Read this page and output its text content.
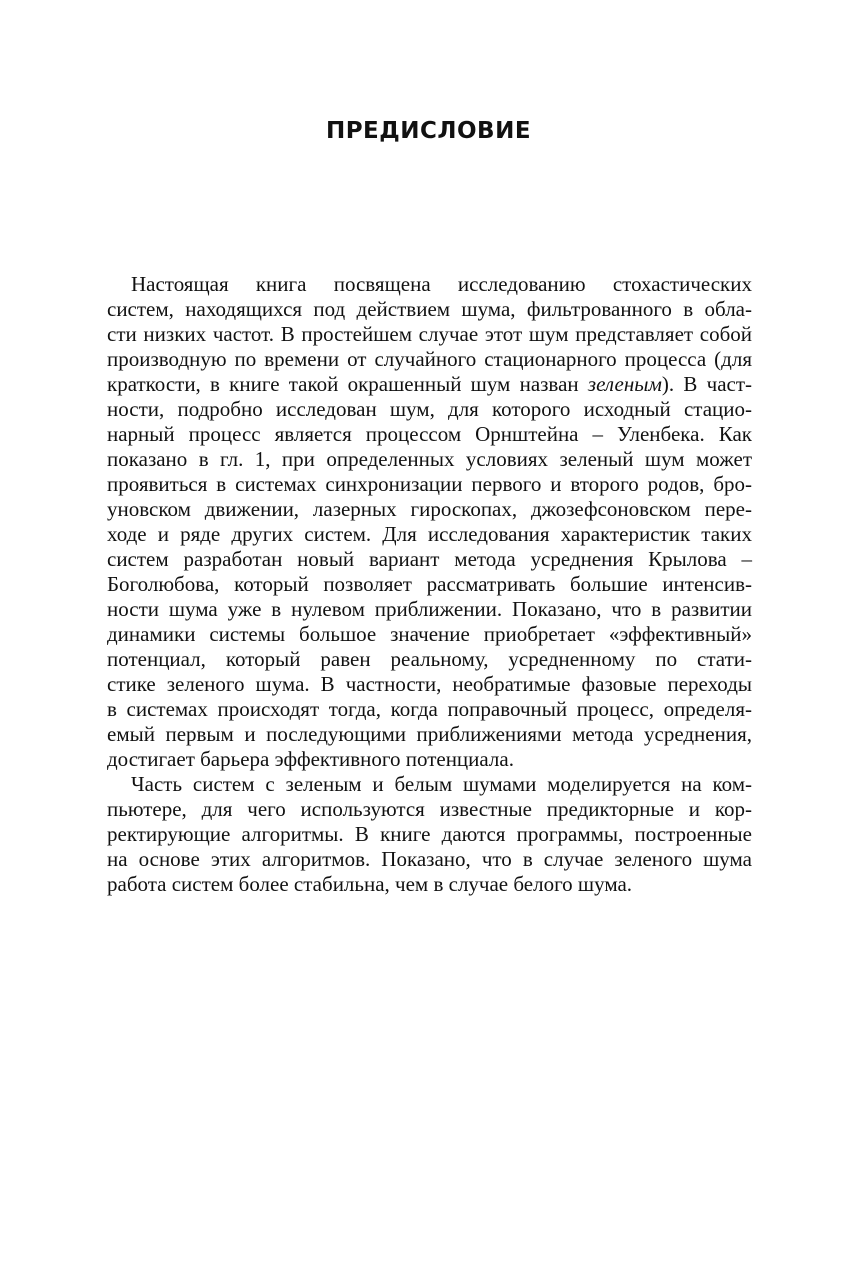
ПРЕДИСЛОВИЕ
Настоящая книга посвящена исследованию стохастических
систем, находящихся под действием шума, фильтрованного в обла-
сти низких частот. В простейшем случае этот шум представляет собой
производную по времени от случайного стационарного процесса (для
краткости, в книге такой окрашенный шум назван зеленым). В част-
ности, подробно исследован шум, для которого исходный стацио-
нарный процесс является процессом Орнштейна – Уленбека. Как
показано в гл. 1, при определенных условиях зеленый шум может
проявиться в системах синхронизации первого и второго родов, бро-
уновском движении, лазерных гироскопах, джозефсоновском пере-
ходе и ряде других систем. Для исследования характеристик таких
систем разработан новый вариант метода усреднения Крылова –
Боголюбова, который позволяет рассматривать большие интенсив-
ности шума уже в нулевом приближении. Показано, что в развитии
динамики системы большое значение приобретает «эффективный»
потенциал, который равен реальному, усредненному по стати-
стике зеленого шума. В частности, необратимые фазовые переходы
в системах происходят тогда, когда поправочный процесс, определя-
емый первым и последующими приближениями метода усреднения,
достигает барьера эффективного потенциала.
Часть систем с зеленым и белым шумами моделируется на ком-
пьютере, для чего используются известные предикторные и кор-
ректирующие алгоритмы. В книге даются программы, построенные
на основе этих алгоритмов. Показано, что в случае зеленого шума
работа систем более стабильна, чем в случае белого шума.
